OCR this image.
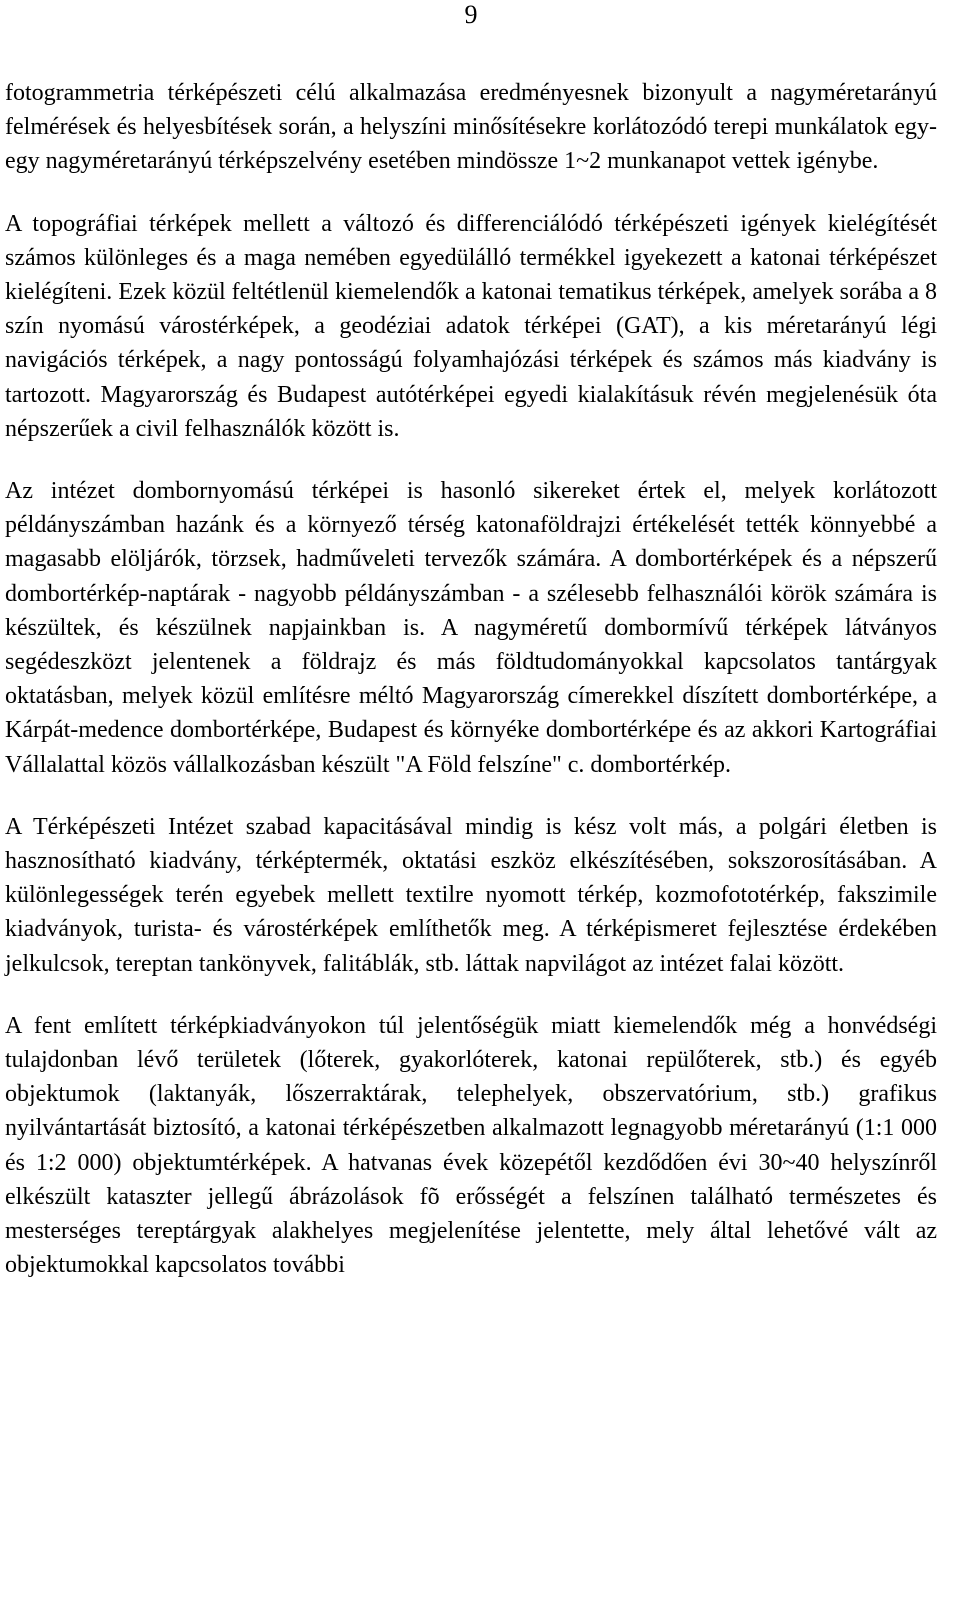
9

fotogrammetria térképészeti célú alkalmazása eredményesnek bizonyult a nagyméretarányú felmérések és helyesbítések során, a helyszíni minősítésekre korlátozódó terepi munkálatok egy-egy nagyméretarányú térképszelvény esetében mindössze 1~2 munkanapot vettek igénybe.

A topográfiai térképek mellett a változó és differenciálódó térképészeti igények kielégítését számos különleges és a maga nemében egyedülálló termékkel igyekezett a katonai térképészet kielégíteni. Ezek közül feltétlenül kiemelendők a katonai tematikus térképek, amelyek sorába a 8 szín nyomású várostérképek, a geodéziai adatok térképei (GAT), a kis méretarányú légi navigációs térképek, a nagy pontosságú folyamhajózási térképek és számos más kiadvány is tartozott. Magyarország és Budapest autótérképei egyedi kialakításuk révén megjelenésük óta népszerűek a civil felhasználók között is.

Az intézet dombornyomású térképei is hasonló sikereket értek el, melyek korlátozott példányszámban hazánk és a környező térség katonaföldrajzi értékelését tették könnyebbé a magasabb elöljárók, törzsek, hadműveleti tervezők számára. A dombortérképek és a népszerű dombortérkép-naptárak - nagyobb példányszámban - a szélesebb felhasználói körök számára is készültek, és készülnek napjainkban is. A nagyméretű dombormívű térképek látványos segédeszközt jelentenek a földrajz és más földtudományokkal kapcsolatos tantárgyak oktatásban, melyek közül említésre méltó Magyarország címerekkel díszített dombortérképe, a Kárpát-medence dombortérképe, Budapest és környéke dombortérképe és az akkori Kartográfiai Vállalattal közös vállalkozásban készült "A Föld felszíne" c. dombortérkép.

A Térképészeti Intézet szabad kapacitásával mindig is kész volt más, a polgári életben is hasznosítható kiadvány, térképtermék, oktatási eszköz elkészítésében, sokszorosításában. A különlegességek terén egyebek mellett textilre nyomott térkép, kozmofototérkép, fakszimile kiadványok, turista- és várostérképek említhetők meg. A térképismeret fejlesztése érdekében jelkulcsok, tereptan tankönyvek, falitáblák, stb. láttak napvilágot az intézet falai között.

A fent említett térképkiadványokon túl jelentőségük miatt kiemelendők még a honvédségi tulajdonban lévő területek (lőterek, gyakorlóterek, katonai repülőterek, stb.) és egyéb objektumok (laktanyák, lőszerraktárak, telephelyek, obszervatórium, stb.) grafikus nyilvántartását biztosító, a katonai térképészetben alkalmazott legnagyobb méretarányú (1:1 000 és 1:2 000) objektumtérképek. A hatvanas évek közepétől kezdődően évi 30~40 helyszínről elkészült kataszter jellegű ábrázolások fõ erősségét a felszínen található természetes és mesterséges tereptárgyak alakhelyes megjelenítése jelentette, mely által lehetővé vált az objektumokkal kapcsolatos további
